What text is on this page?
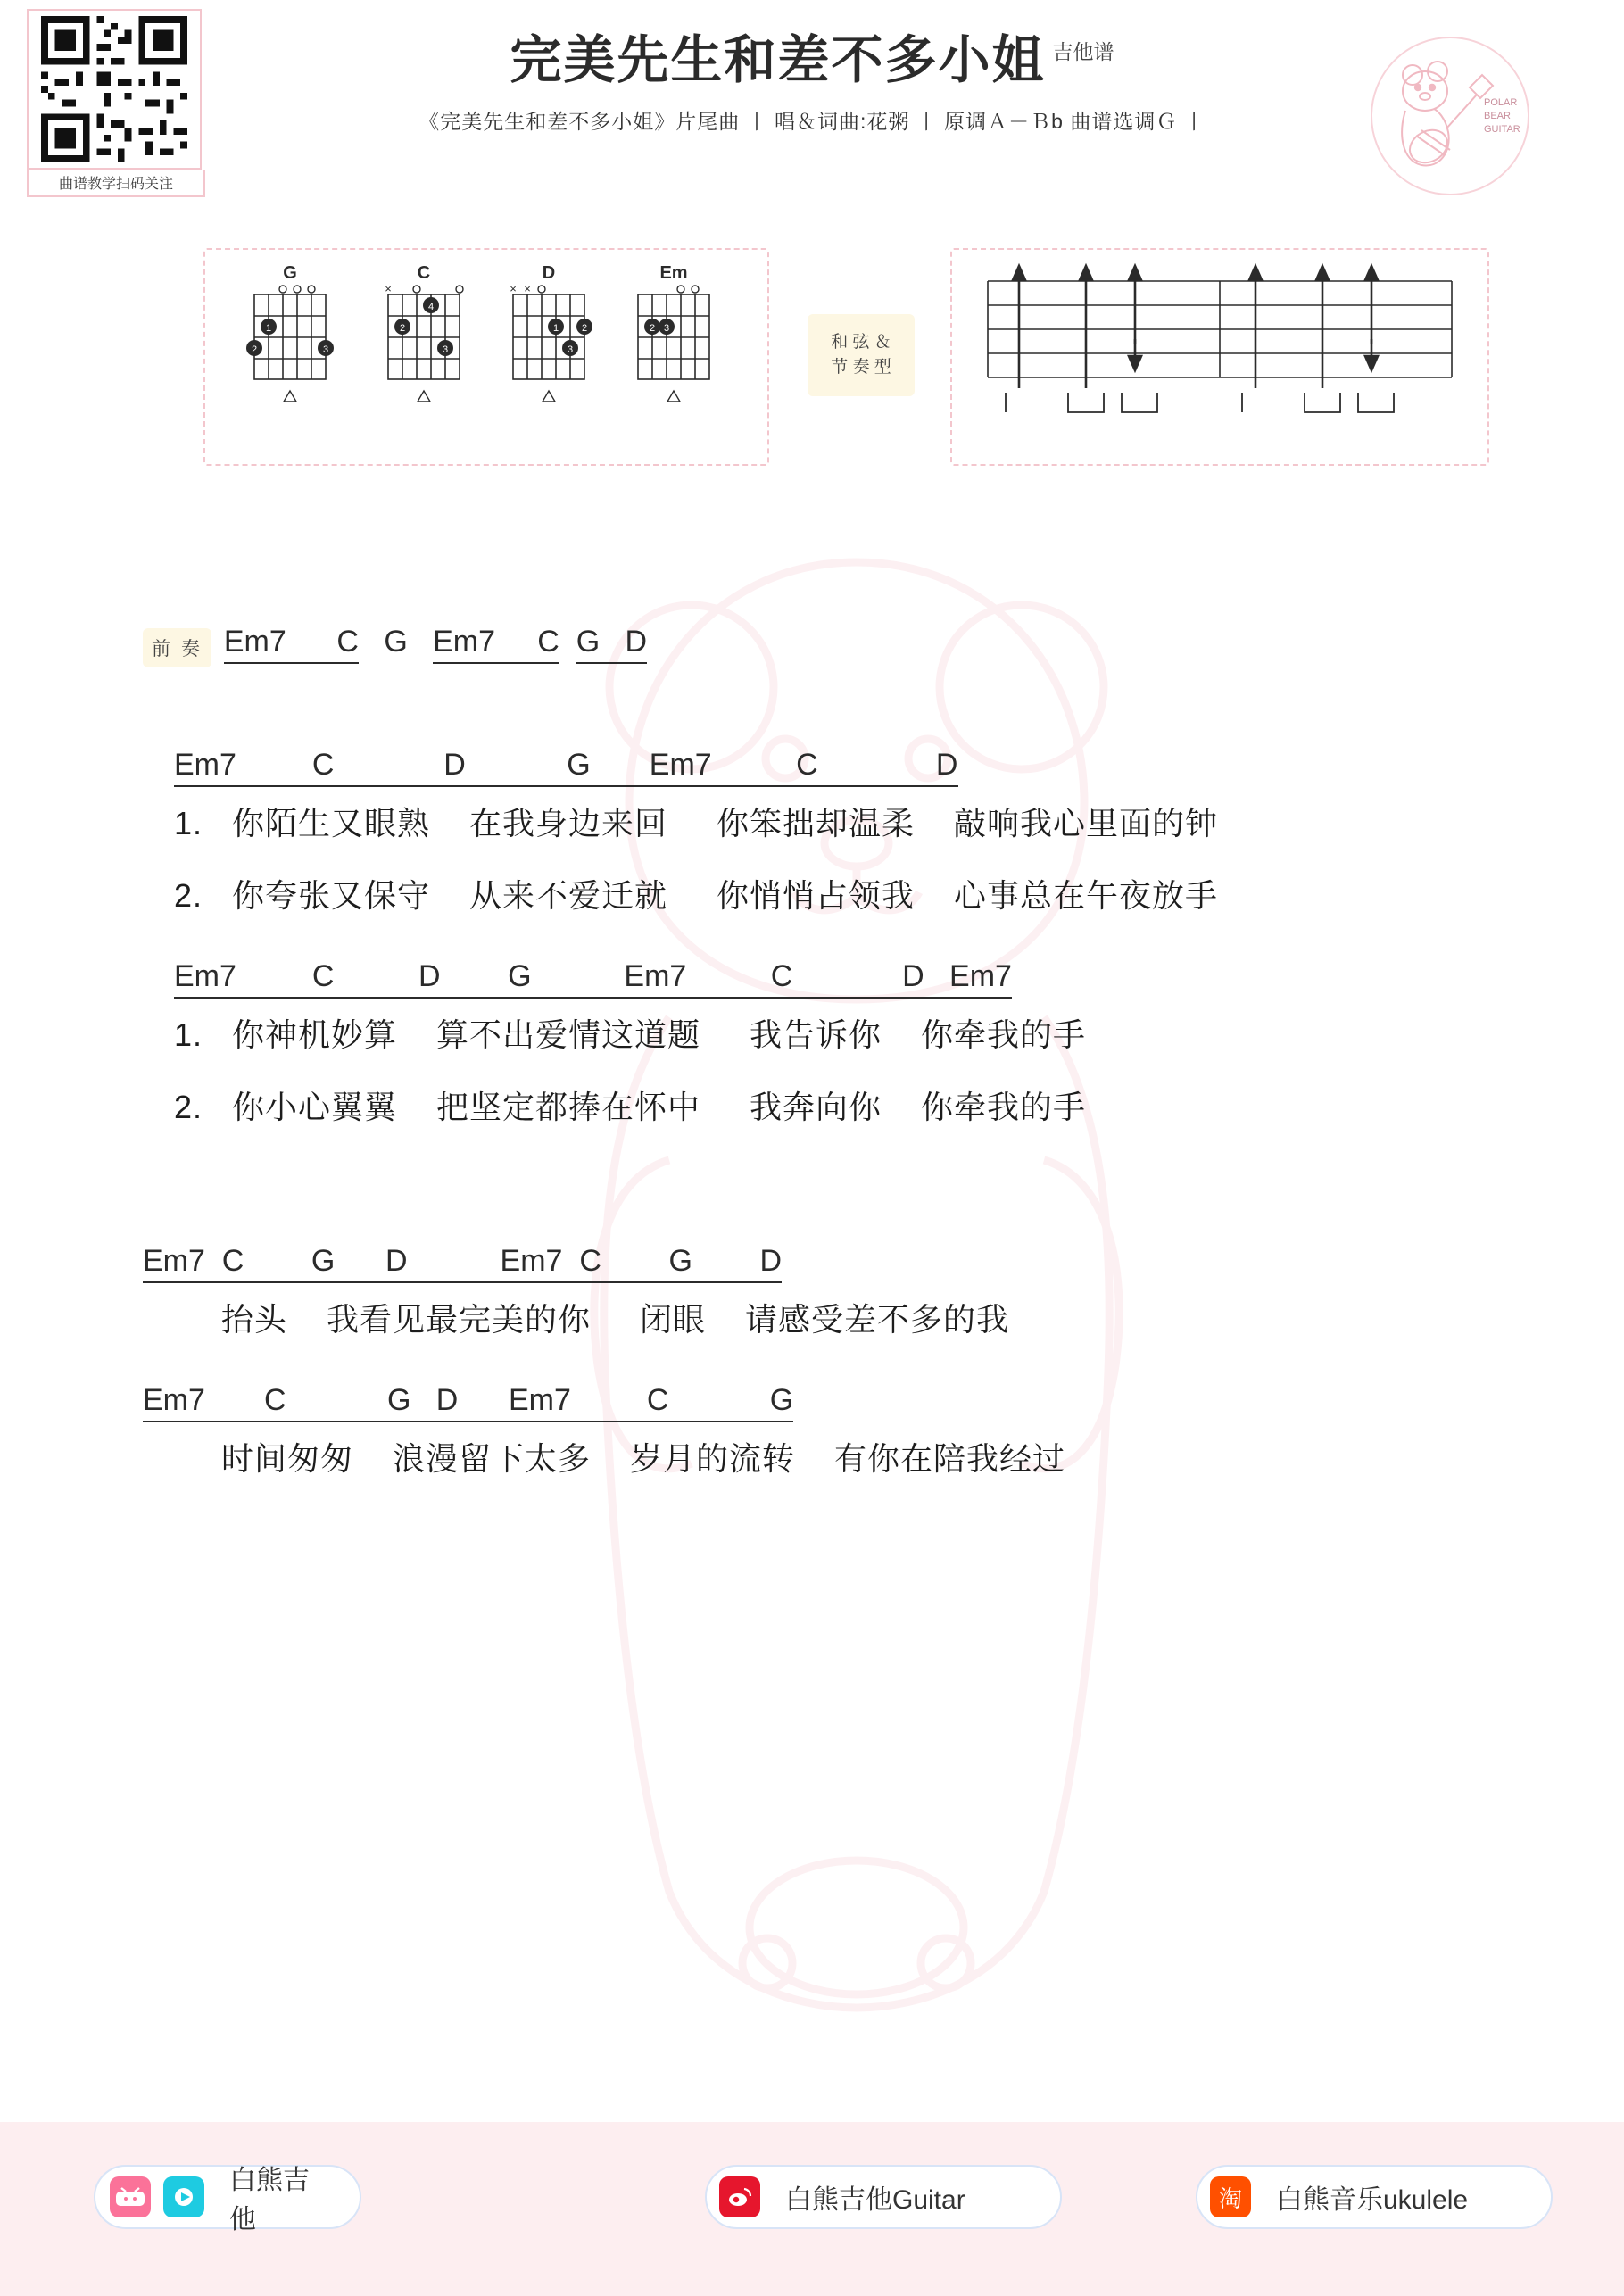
曲谱教学扫码关注
完美先生和差不多小姐 吉他谱
《完美先生和差不多小姐》片尾曲 丨 唱＆词曲:花粥 丨 原调Ａ－Ｂb 曲谱选调Ｇ 丨
POLAR
BEAR
GUITAR
G
1
2	3
C
×
4
2
3
D
× ×
1 2
3
Em
2 3
和 弦 ＆
节 奏 型
前 奏 Em7      C   G   Em7     C G   D
Em7         C             D            G       Em7          C              D
1.   你陌生又眼熟    在我身边来回     你笨拙却温柔    敲响我心里面的钟
2.   你夸张又保守    从来不爱迁就     你悄悄占领我    心事总在午夜放手
Em7         C          D        G           Em7          C             D   Em7
1.   你神机妙算    算不出爱情这道题     我告诉你    你牵我的手
2.   你小心翼翼    把坚定都捧在怀中     我奔向你    你牵我的手
Em7  C        G      D           Em7  C        G        D
抬头    我看见最完美的你     闭眼    请感受差不多的我
Em7       C            G   D      Em7         C            G
时间匆匆    浪漫留下太多    岁月的流转    有你在陪我经过
白熊吉他
白熊吉他Guitar	淘	白熊音乐ukulele
